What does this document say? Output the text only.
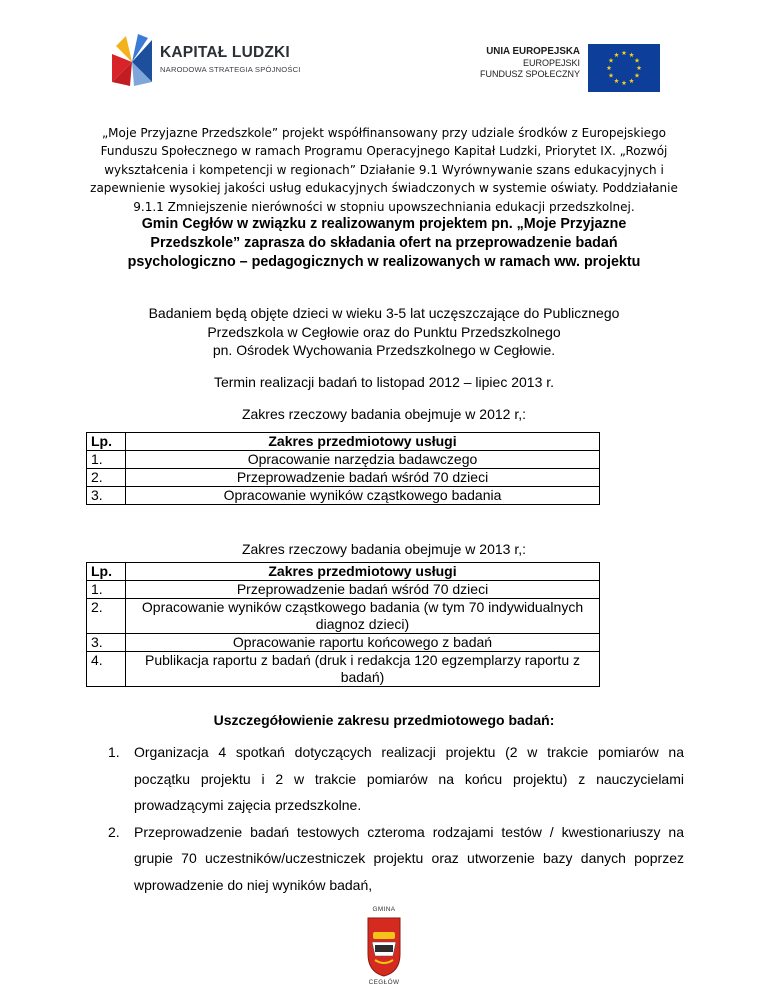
KAPITAŁ LUDZKI
NARODOWA STRATEGIA SPÓJNOŚCI
UNIA EUROPEJSKA
EUROPEJSKI
FUNDUSZ SPOŁECZNY
„Moje Przyjazne Przedszkole” projekt współfinansowany przy udziale środków z Europejskiego
Funduszu Społecznego w ramach Programu Operacyjnego Kapitał Ludzki, Priorytet IX. „Rozwój
wykształcenia i kompetencji w regionach” Działanie 9.1 Wyrównywanie szans edukacyjnych i
zapewnienie wysokiej jakości usług edukacyjnych świadczonych w systemie oświaty. Poddziałanie
9.1.1 Zmniejszenie nierówności w stopniu upowszechniania edukacji przedszkolnej.
Gmin Cegłów w związku z realizowanym projektem pn. „Moje Przyjazne
Przedszkole” zaprasza do składania ofert na przeprowadzenie badań
psychologiczno – pedagogicznych w realizowanych w ramach ww. projektu
Badaniem będą objęte dzieci w wieku 3-5 lat uczęszczające do Publicznego
Przedszkola w Cegłowie oraz do Punktu Przedszkolnego
pn. Ośrodek Wychowania Przedszkolnego w Cegłowie.
Termin realizacji badań to listopad 2012 – lipiec 2013 r.
Zakres rzeczowy badania obejmuje w 2012 r,:
Lp.	Zakres przedmiotowy usługi
1.	Opracowanie narzędzia badawczego
2.	Przeprowadzenie badań wśród 70 dzieci
3.	Opracowanie wyników cząstkowego badania
Zakres rzeczowy badania obejmuje w 2013 r,:
Lp.	Zakres przedmiotowy usługi
1.	Przeprowadzenie badań wśród 70 dzieci
2.	Opracowanie wyników cząstkowego badania (w tym 70 indywidualnych diagnoz dzieci)
3.	Opracowanie raportu końcowego z badań
4.	Publikacja raportu z badań (druk i redakcja 120 egzemplarzy raportu z badań)
Uszczegółowienie zakresu przedmiotowego badań:
1. Organizacja 4 spotkań dotyczących realizacji projektu (2 w trakcie pomiarów na początku projektu i 2 w trakcie pomiarów na końcu projektu) z nauczycielami prowadzącymi zajęcia przedszkolne.
2. Przeprowadzenie badań testowych czteroma rodzajami testów / kwestionariuszy na grupie 70 uczestników/uczestniczek projektu oraz utworzenie bazy danych poprzez wprowadzenie do niej wyników badań,
GMINA
CEGŁÓW
